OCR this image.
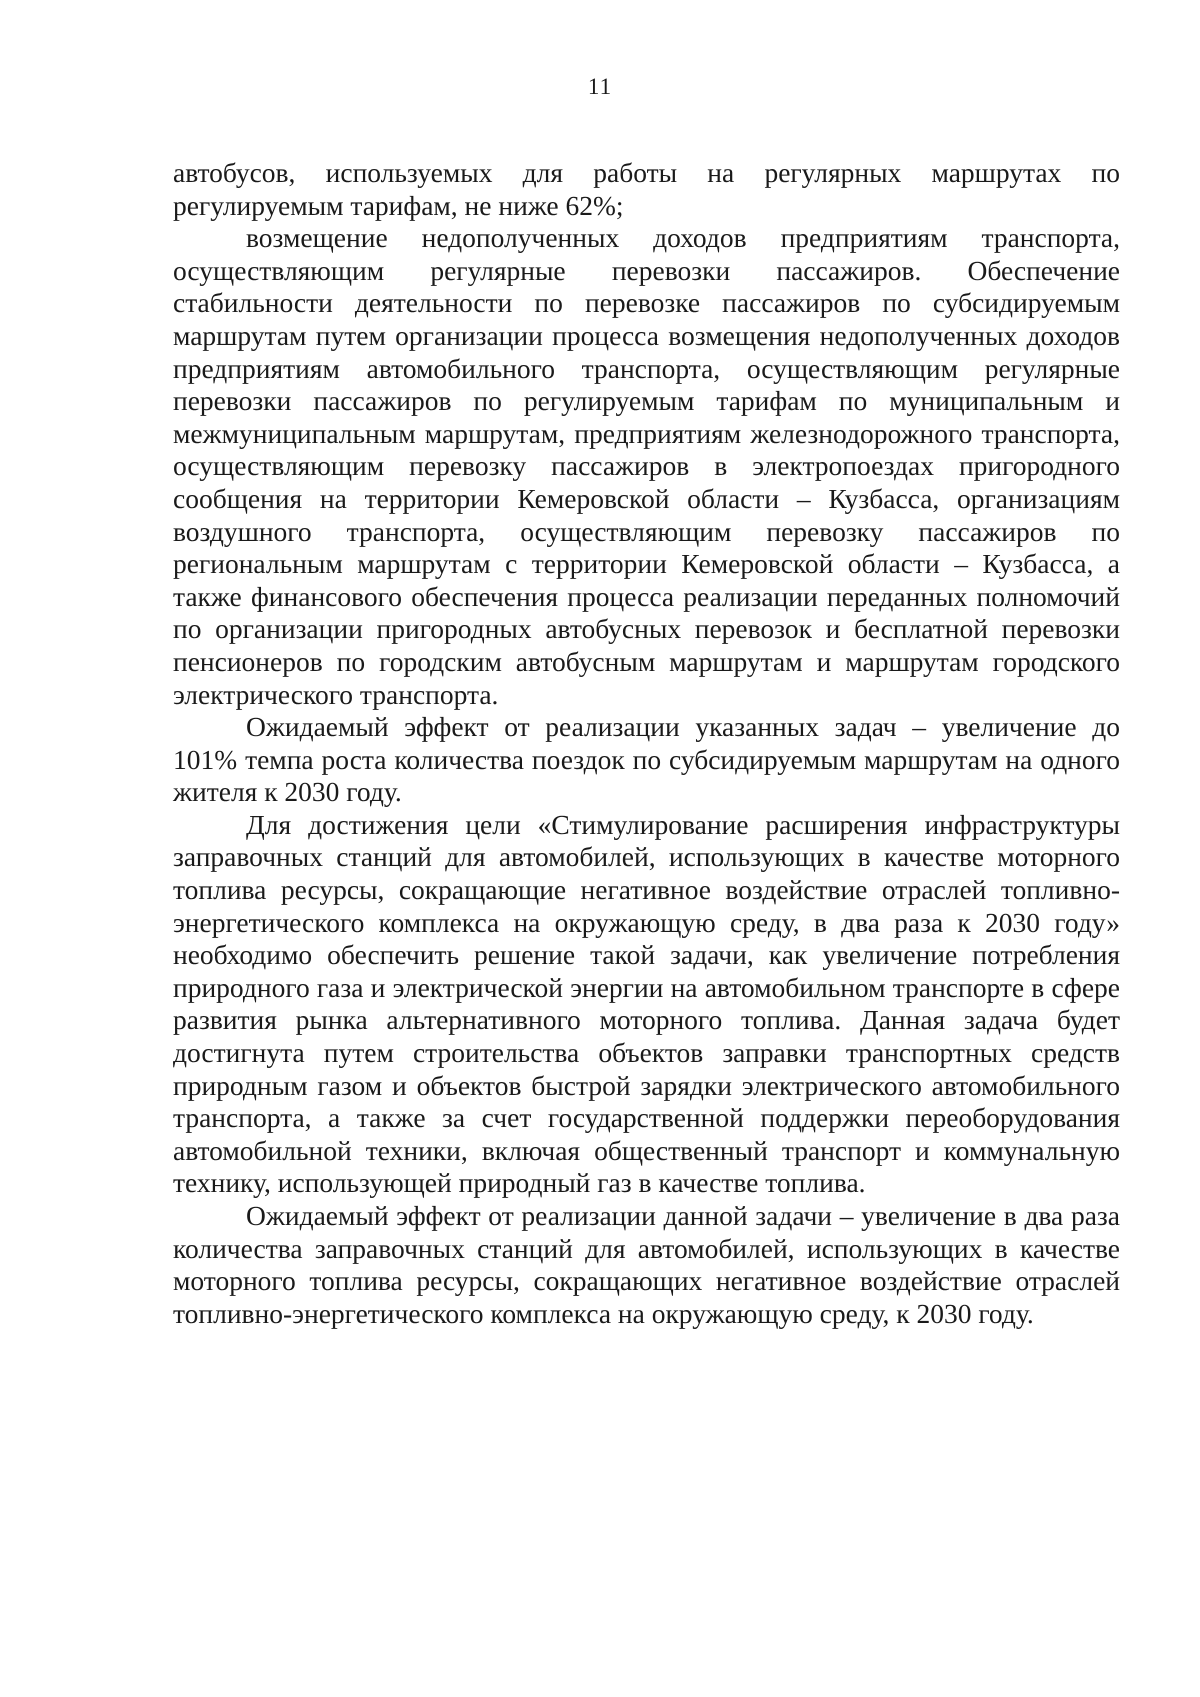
11

автобусов, используемых для работы на регулярных маршрутах по регулируемым тарифам, не ниже 62%;

возмещение недополученных доходов предприятиям транспорта, осуществляющим регулярные перевозки пассажиров. Обеспечение стабильности деятельности по перевозке пассажиров по субсидируемым маршрутам путем организации процесса возмещения недополученных доходов предприятиям автомобильного транспорта, осуществляющим регулярные перевозки пассажиров по регулируемым тарифам по муниципальным и межмуниципальным маршрутам, предприятиям железнодорожного транспорта, осуществляющим перевозку пассажиров в электропоездах пригородного сообщения на территории Кемеровской области – Кузбасса, организациям воздушного транспорта, осуществляющим перевозку пассажиров по региональным маршрутам с территории Кемеровской области – Кузбасса, а также финансового обеспечения процесса реализации переданных полномочий по организации пригородных автобусных перевозок и бесплатной перевозки пенсионеров по городским автобусным маршрутам и маршрутам городского электрического транспорта.

Ожидаемый эффект от реализации указанных задач – увеличение до 101% темпа роста количества поездок по субсидируемым маршрутам на одного жителя к 2030 году.

Для достижения цели «Стимулирование расширения инфраструктуры заправочных станций для автомобилей, использующих в качестве моторного топлива ресурсы, сокращающие негативное воздействие отраслей топливно-энергетического комплекса на окружающую среду, в два раза к 2030 году» необходимо обеспечить решение такой задачи, как увеличение потребления природного газа и электрической энергии на автомобильном транспорте в сфере развития рынка альтернативного моторного топлива. Данная задача будет достигнута путем строительства объектов заправки транспортных средств природным газом и объектов быстрой зарядки электрического автомобильного транспорта, а также за счет государственной поддержки переоборудования автомобильной техники, включая общественный транспорт и коммунальную технику, использующей природный газ в качестве топлива.

Ожидаемый эффект от реализации данной задачи – увеличение в два раза количества заправочных станций для автомобилей, использующих в качестве моторного топлива ресурсы, сокращающих негативное воздействие отраслей топливно-энергетического комплекса на окружающую среду, к 2030 году.
